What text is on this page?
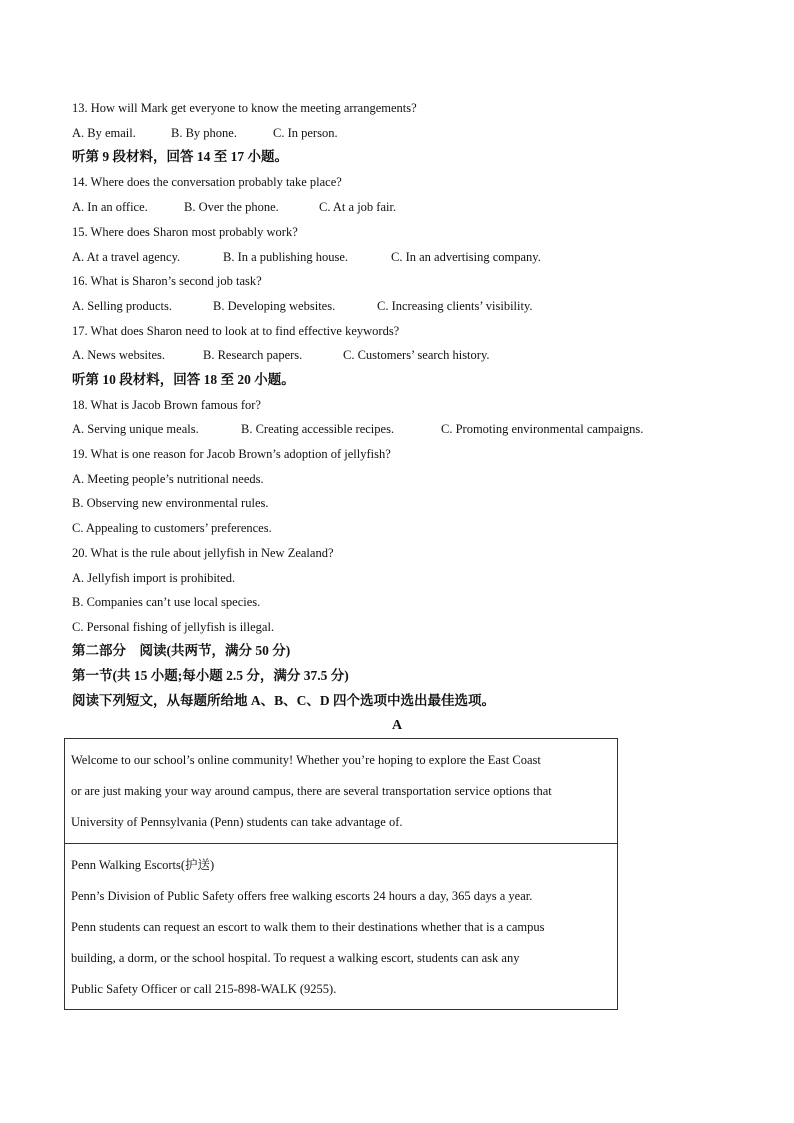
13. How will Mark get everyone to know the meeting arrangements?
A. By email.	B. By phone.	C. In person.
听第 9 段材料，回答 14 至 17 小题。
14. Where does the conversation probably take place?
A. In an office.	B. Over the phone.	C. At a job fair.
15. Where does Sharon most probably work?
A. At a travel agency.	B. In a publishing house.	C. In an advertising company.
16. What is Sharon’s second job task?
A. Selling products.	B. Developing websites.	C. Increasing clients’ visibility.
17. What does Sharon need to look at to find effective keywords?
A. News websites.	B. Research papers.	C. Customers’ search history.
听第 10 段材料，回答 18 至 20 小题。
18. What is Jacob Brown famous for?
A. Serving unique meals.	B. Creating accessible recipes.	C. Promoting environmental campaigns.
19. What is one reason for Jacob Brown’s adoption of jellyfish?
A. Meeting people’s nutritional needs.
B. Observing new environmental rules.
C. Appealing to customers’ preferences.
20. What is the rule about jellyfish in New Zealand?
A. Jellyfish import is prohibited.
B. Companies can’t use local species.
C. Personal fishing of jellyfish is illegal.
第二部分　阅读(共两节，满分 50 分)
第一节(共 15 小题;每小题 2.5 分，满分 37.5 分)
阅读下列短文，从每题所给地 A、B、C、D 四个选项中选出最佳选项。
A
Welcome to our school’s online community! Whether you’re hoping to explore the East Coast
or are just making your way around campus, there are several transportation service options that
University of Pennsylvania (Penn) students can take advantage of.
Penn Walking Escorts(护送)
Penn’s Division of Public Safety offers free walking escorts 24 hours a day, 365 days a year.
Penn students can request an escort to walk them to their destinations whether that is a campus
building, a dorm, or the school hospital. To request a walking escort, students can ask any
Public Safety Officer or call 215-898-WALK (9255).
